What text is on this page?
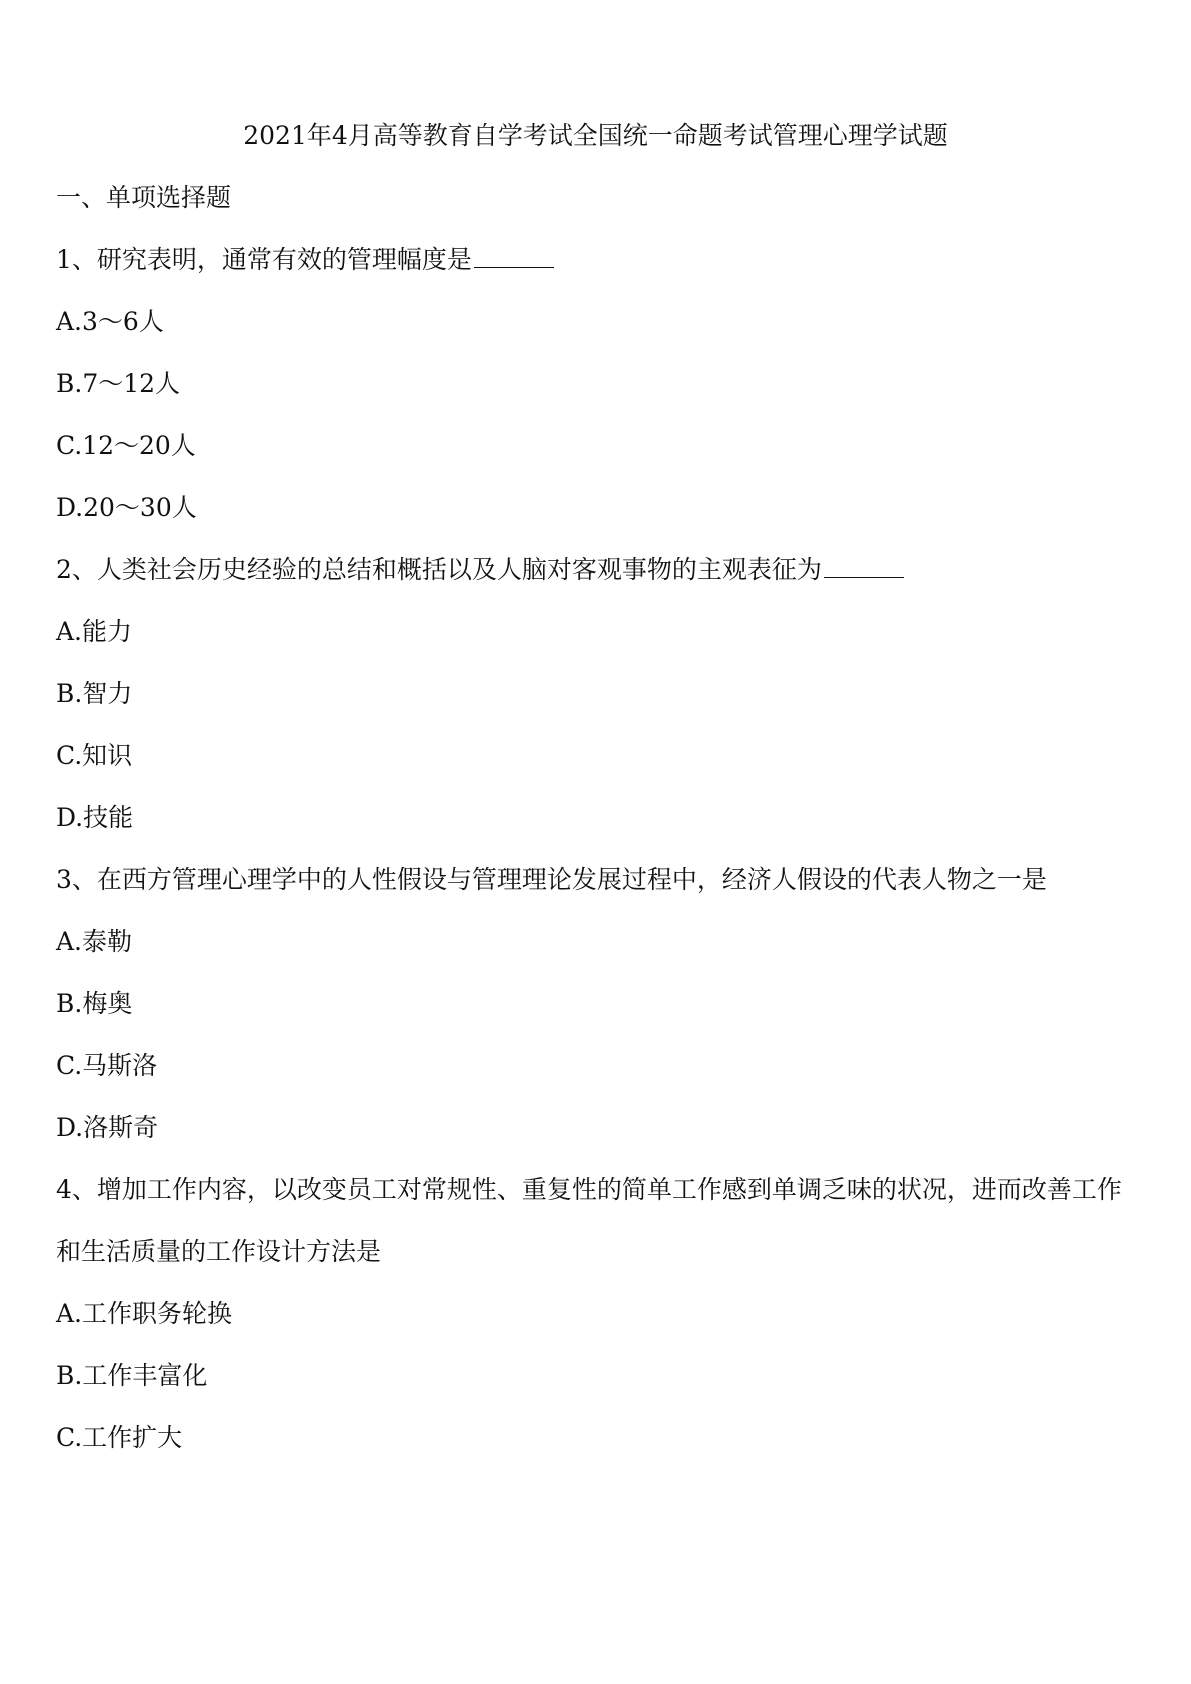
2021年4月高等教育自学考试全国统一命题考试管理心理学试题
一、单项选择题
1、研究表明，通常有效的管理幅度是
A.3～6人
B.7～12人
C.12～20人
D.20～30人
2、人类社会历史经验的总结和概括以及人脑对客观事物的主观表征为
A.能力
B.智力
C.知识
D.技能
3、在西方管理心理学中的人性假设与管理理论发展过程中，经济人假设的代表人物之一是
A.泰勒
B.梅奥
C.马斯洛
D.洛斯奇
4、增加工作内容，以改变员工对常规性、重复性的简单工作感到单调乏味的状况，进而改善工作和生活质量的工作设计方法是
A.工作职务轮换
B.工作丰富化
C.工作扩大
